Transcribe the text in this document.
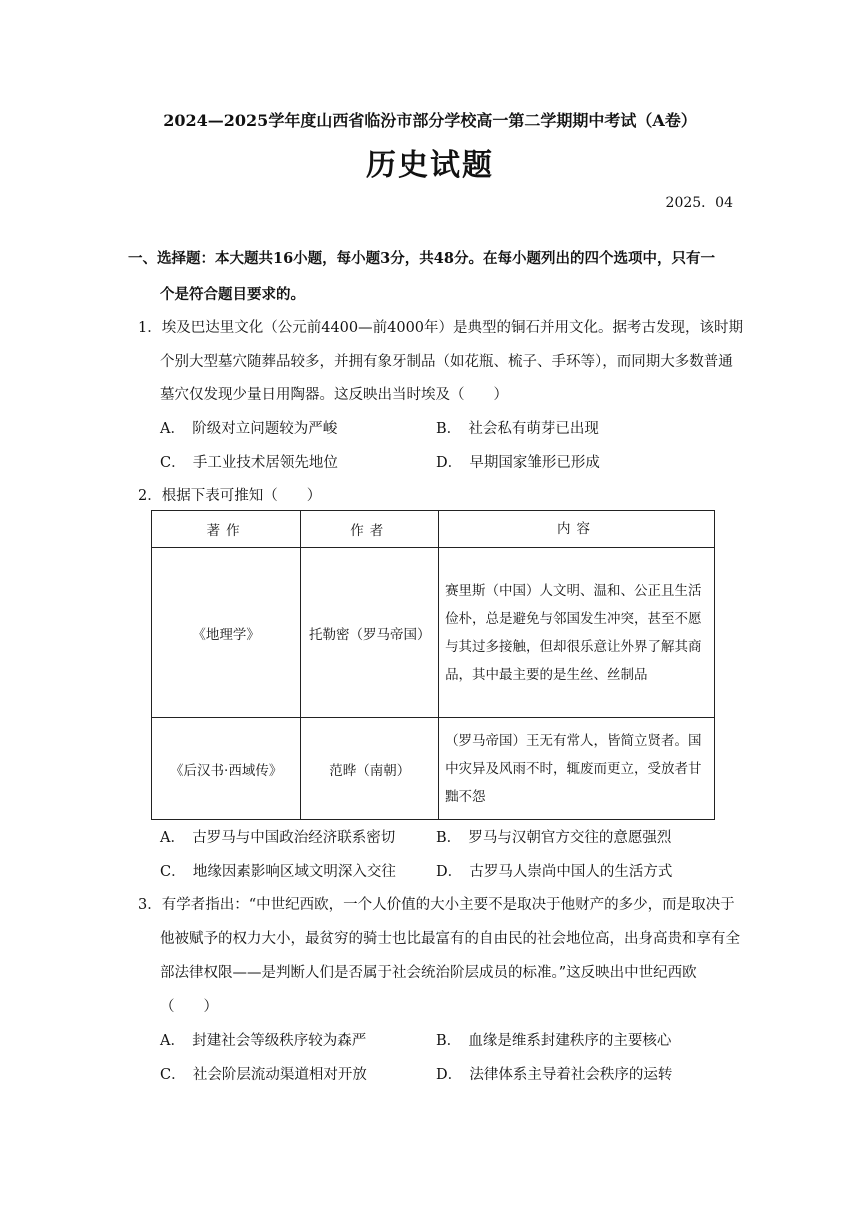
2024—2025学年度山西省临汾市部分学校高一第二学期期中考试（A卷）
历史试题
2025．04
一、选择题：本大题共16小题，每小题3分，共48分。在每小题列出的四个选项中，只有一
个是符合题目要求的。
1．埃及巴达里文化（公元前4400—前4000年）是典型的铜石并用文化。据考古发现，该时期
个别大型墓穴随葬品较多，并拥有象牙制品（如花瓶、梳子、手环等），而同期大多数普通
墓穴仅发现少量日用陶器。这反映出当时埃及（　　）
A．　阶级对立问题较为严峻	B．　社会私有萌芽已出现
C．　手工业技术居领先地位	D．　早期国家雏形已形成
2．根据下表可推知（　　）
著作	作者	内容
《地理学》	托勒密（罗马帝国）	赛里斯（中国）人文明、温和、公正且生活俭朴，总是避免与邻国发生冲突，甚至不愿与其过多接触，但却很乐意让外界了解其商品，其中最主要的是生丝、丝制品
《后汉书·西域传》	范晔（南朝）	（罗马帝国）王无有常人，皆简立贤者。国中灾异及风雨不时，辄废而更立，受放者甘黜不怨
A．　古罗马与中国政治经济联系密切	B．　罗马与汉朝官方交往的意愿强烈
C．　地缘因素影响区域文明深入交往	D．　古罗马人崇尚中国人的生活方式
3．有学者指出：“中世纪西欧，一个人价值的大小主要不是取决于他财产的多少，而是取决于
他被赋予的权力大小，最贫穷的骑士也比最富有的自由民的社会地位高，出身高贵和享有全
部法律权限——是判断人们是否属于社会统治阶层成员的标准。”这反映出中世纪西欧
（　　）
A．　封建社会等级秩序较为森严	B．　血缘是维系封建秩序的主要核心
C．　社会阶层流动渠道相对开放	D．　法律体系主导着社会秩序的运转
